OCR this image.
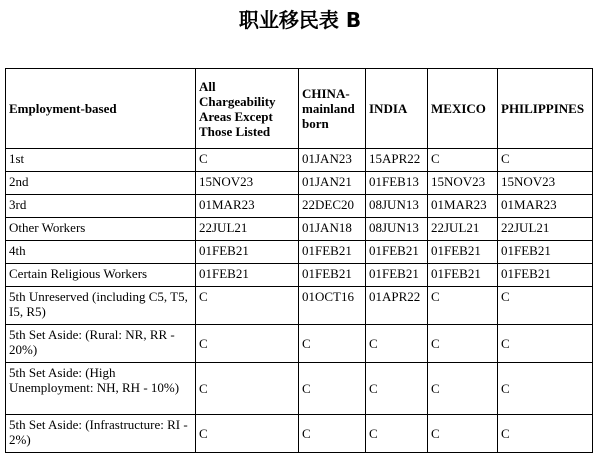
职业移民表 B
Employment-based	All Chargeability Areas Except Those Listed	CHINA-mainland born	INDIA	MEXICO	PHILIPPINES
1st	C	01JAN23	15APR22	C	C
2nd	15NOV23	01JAN21	01FEB13	15NOV23	15NOV23
3rd	01MAR23	22DEC20	08JUN13	01MAR23	01MAR23
Other Workers	22JUL21	01JAN18	08JUN13	22JUL21	22JUL21
4th	01FEB21	01FEB21	01FEB21	01FEB21	01FEB21
Certain Religious Workers	01FEB21	01FEB21	01FEB21	01FEB21	01FEB21
5th Unreserved (including C5, T5, I5, R5)	C	01OCT16	01APR22	C	C
5th Set Aside: (Rural: NR, RR - 20%)	C	C	C	C	C
5th Set Aside: (High Unemployment: NH, RH - 10%)	C	C	C	C	C
5th Set Aside: (Infrastructure: RI - 2%)	C	C	C	C	C
